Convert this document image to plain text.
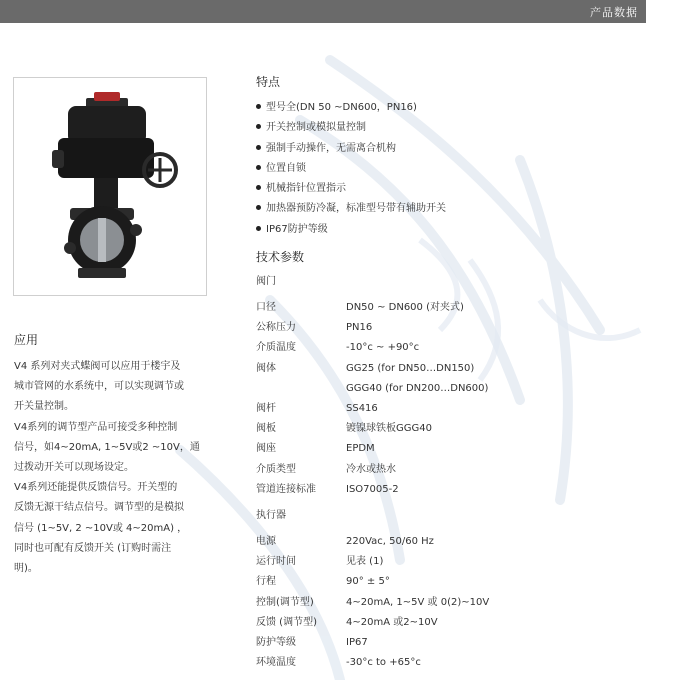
产品数据
应用

V4 系列对夹式蝶阀可以应用于楼宇及

城市管网的水系统中，可以实现调节或

开关量控制。

V4系列的调节型产品可接受多种控制

信号，如4~20mA, 1~5V或2 ~10V，通

过拨动开关可以现场设定。

V4系列还能提供反馈信号。开关型的

反馈无源干结点信号。调节型的是模拟

信号 (1~5V, 2 ~10V或 4~20mA) ，

同时也可配有反馈开关 (订购时需注

明)。

特点
型号全(DN 50 ~DN600，PN16)
开关控制或模拟量控制
强制手动操作，无需离合机构
位置自锁
机械指针位置指示
加热器预防冷凝，标准型号带有辅助开关
IP67防护等级
技术参数
阀门
口径	DN50 ~ DN600 (对夹式)
公称压力	PN16
介质温度	-10°c ~ +90°c
阀体	GG25 (for DN50…DN150)
GGG40 (for DN200…DN600)
阀杆	SS416
阀板	镀镍球铁板GGG40
阀座	EPDM
介质类型	冷水或热水
管道连接标准	ISO7005-2
执行器
电源	220Vac, 50/60 Hz
运行时间	见表 (1)
行程	90° ± 5°
控制(调节型)	4~20mA, 1~5V 或 0(2)~10V
反馈 (调节型)	4~20mA 或2~10V
防护等级	IP67
环境温度	-30°c to +65°c
